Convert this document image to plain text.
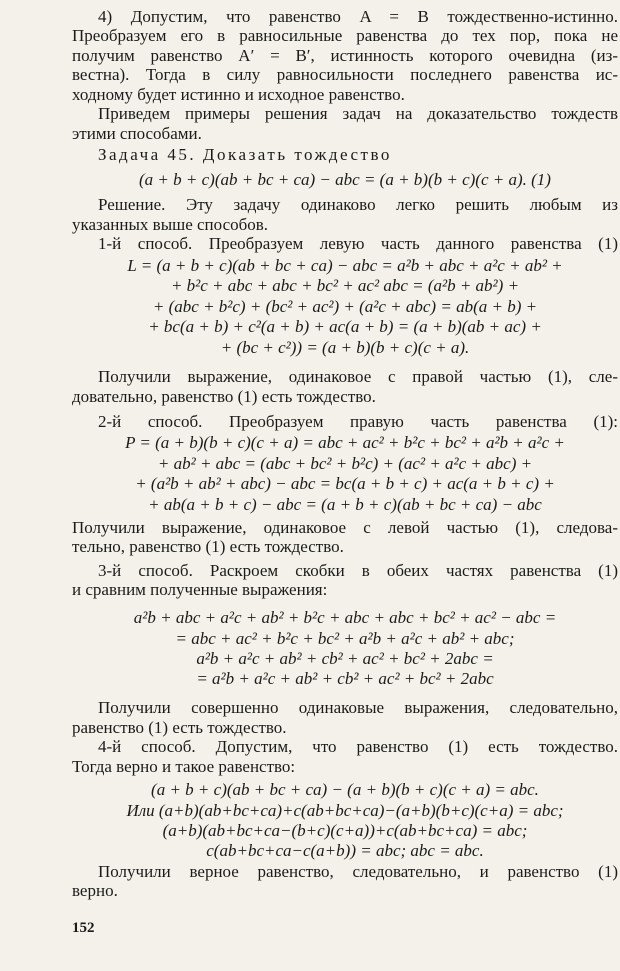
4) Допустим, что равенство A = B тождественно-истинно.
Преобразуем его в равносильные равенства до тех пор, пока не
получим равенство A′ = B′, истинность которого очевидна (из-
вестна). Тогда в силу равносильности последнего равенства ис-
ходному будет истинно и исходное равенство.
Приведем примеры решения задач на доказательство тождеств
этими способами.
Задача 45. Доказать тождество
(a + b + c)(ab + bc + ca) − abc = (a + b)(b + c)(c + a). (1)
Решение. Эту задачу одинаково легко решить любым из
указанных выше способов.
1-й способ. Преобразуем левую часть данного равенства (1)
L = (a + b + c)(ab + bc + ca) − abc = a²b + abc + a²c + ab² +
+ b²c + abc + abc + bc² + ac² abc = (a²b + ab²) +
+ (abc + b²c) + (bc² + ac²) + (a²c + abc) = ab(a + b) +
+ bc(a + b) + c²(a + b) + ac(a + b) = (a + b)(ab + ac) +
+ (bc + c²)) = (a + b)(b + c)(c + a).
Получили выражение, одинаковое с правой частью (1), сле-
довательно, равенство (1) есть тождество.
2-й способ. Преобразуем правую часть равенства (1):
P = (a + b)(b + c)(c + a) = abc + ac² + b²c + bc² + a²b + a²c +
+ ab² + abc = (abc + bc² + b²c) + (ac² + a²c + abc) +
+ (a²b + ab² + abc) − abc = bc(a + b + c) + ac(a + b + c) +
+ ab(a + b + c) − abc = (a + b + c)(ab + bc + ca) − abc
Получили выражение, одинаковое с левой частью (1), следова-
тельно, равенство (1) есть тождество.
3-й способ. Раскроем скобки в обеих частях равенства (1)
и сравним полученные выражения:
a²b + abc + a²c + ab² + b²c + abc + abc + bc² + ac² − abc =
= abc + ac² + b²c + bc² + a²b + a²c + ab² + abc;
a²b + a²c + ab² + cb² + ac² + bc² + 2abc =
= a²b + a²c + ab² + cb² + ac² + bc² + 2abc
Получили совершенно одинаковые выражения, следовательно,
равенство (1) есть тождество.
4-й способ. Допустим, что равенство (1) есть тождество.
Тогда верно и такое равенство:
(a + b + c)(ab + bc + ca) − (a + b)(b + c)(c + a) = abc.
Или (a+b)(ab+bc+ca)+c(ab+bc+ca)−(a+b)(b+c)(c+a) = abc;
(a+b)(ab+bc+ca−(b+c)(c+a))+c(ab+bc+ca) = abc;
c(ab+bc+ca−c(a+b)) = abc; abc = abc.
Получили верное равенство, следовательно, и равенство (1)
верно.
152
